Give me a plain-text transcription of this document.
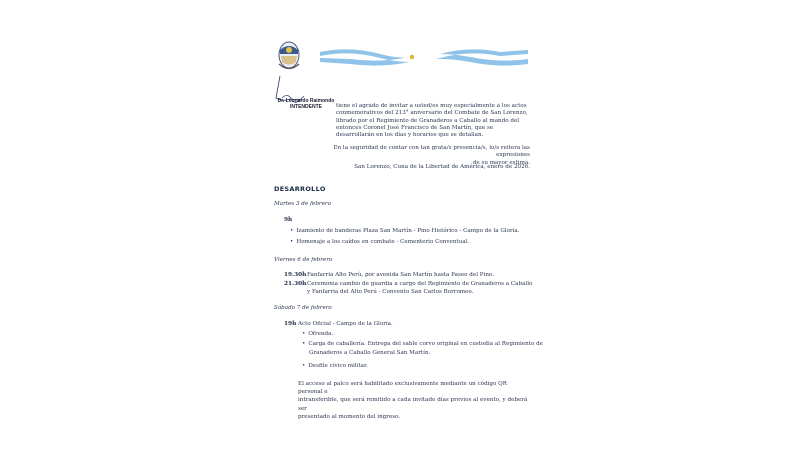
Dr. Leonardo Raimondo
INTENDENTE	tiene el agrado de invitar a usted/es muy especialmente a los actos conmemorativos del 213° aniversario del Combate de San Lorenzo, librado por el Regimiento de Granaderos a Caballo al mando del entonces Coronel José Francisco de San Martín, que se desarrollarán en los días y horarios que se detallan.
En la seguridad de contar con tan grata/s presencia/s, lo/s reitera las expresiones
de su mayor estima.
San Lorenzo, Cuna de la Libertad de América, enero de 2026.
DESARROLLO
Martes 3 de febrero
9h
• Izamiento de banderas Plaza San Martín - Pino Histórico - Campo de la Gloria.
• Homenaje a los caídos en combate - Cementerio Conventual.
Viernes 6 de febrero
19.30h Fanfarria Alto Perú, por avenida San Martín hasta Paseo del Pino.
21.30h Ceremonia cambio de guardia a cargo del Regimiento de Granaderos a Caballo
y Fanfarria del Alto Perú - Convento San Carlos Borromeo.
Sábado 7 de febrero
19h Acto Oficial - Campo de la Gloria.
• Ofrenda.
• Carga de caballería. Entrega del sable corvo original en custodia al Regimiento de
Granaderos a Caballo General San Martín.
• Desfile cívico militar.
El acceso al palco será habilitado exclusivamente mediante un código QR personal e
intransferible, que será remitido a cada invitado días previos al evento, y deberá ser
presentado al momento del ingreso.
